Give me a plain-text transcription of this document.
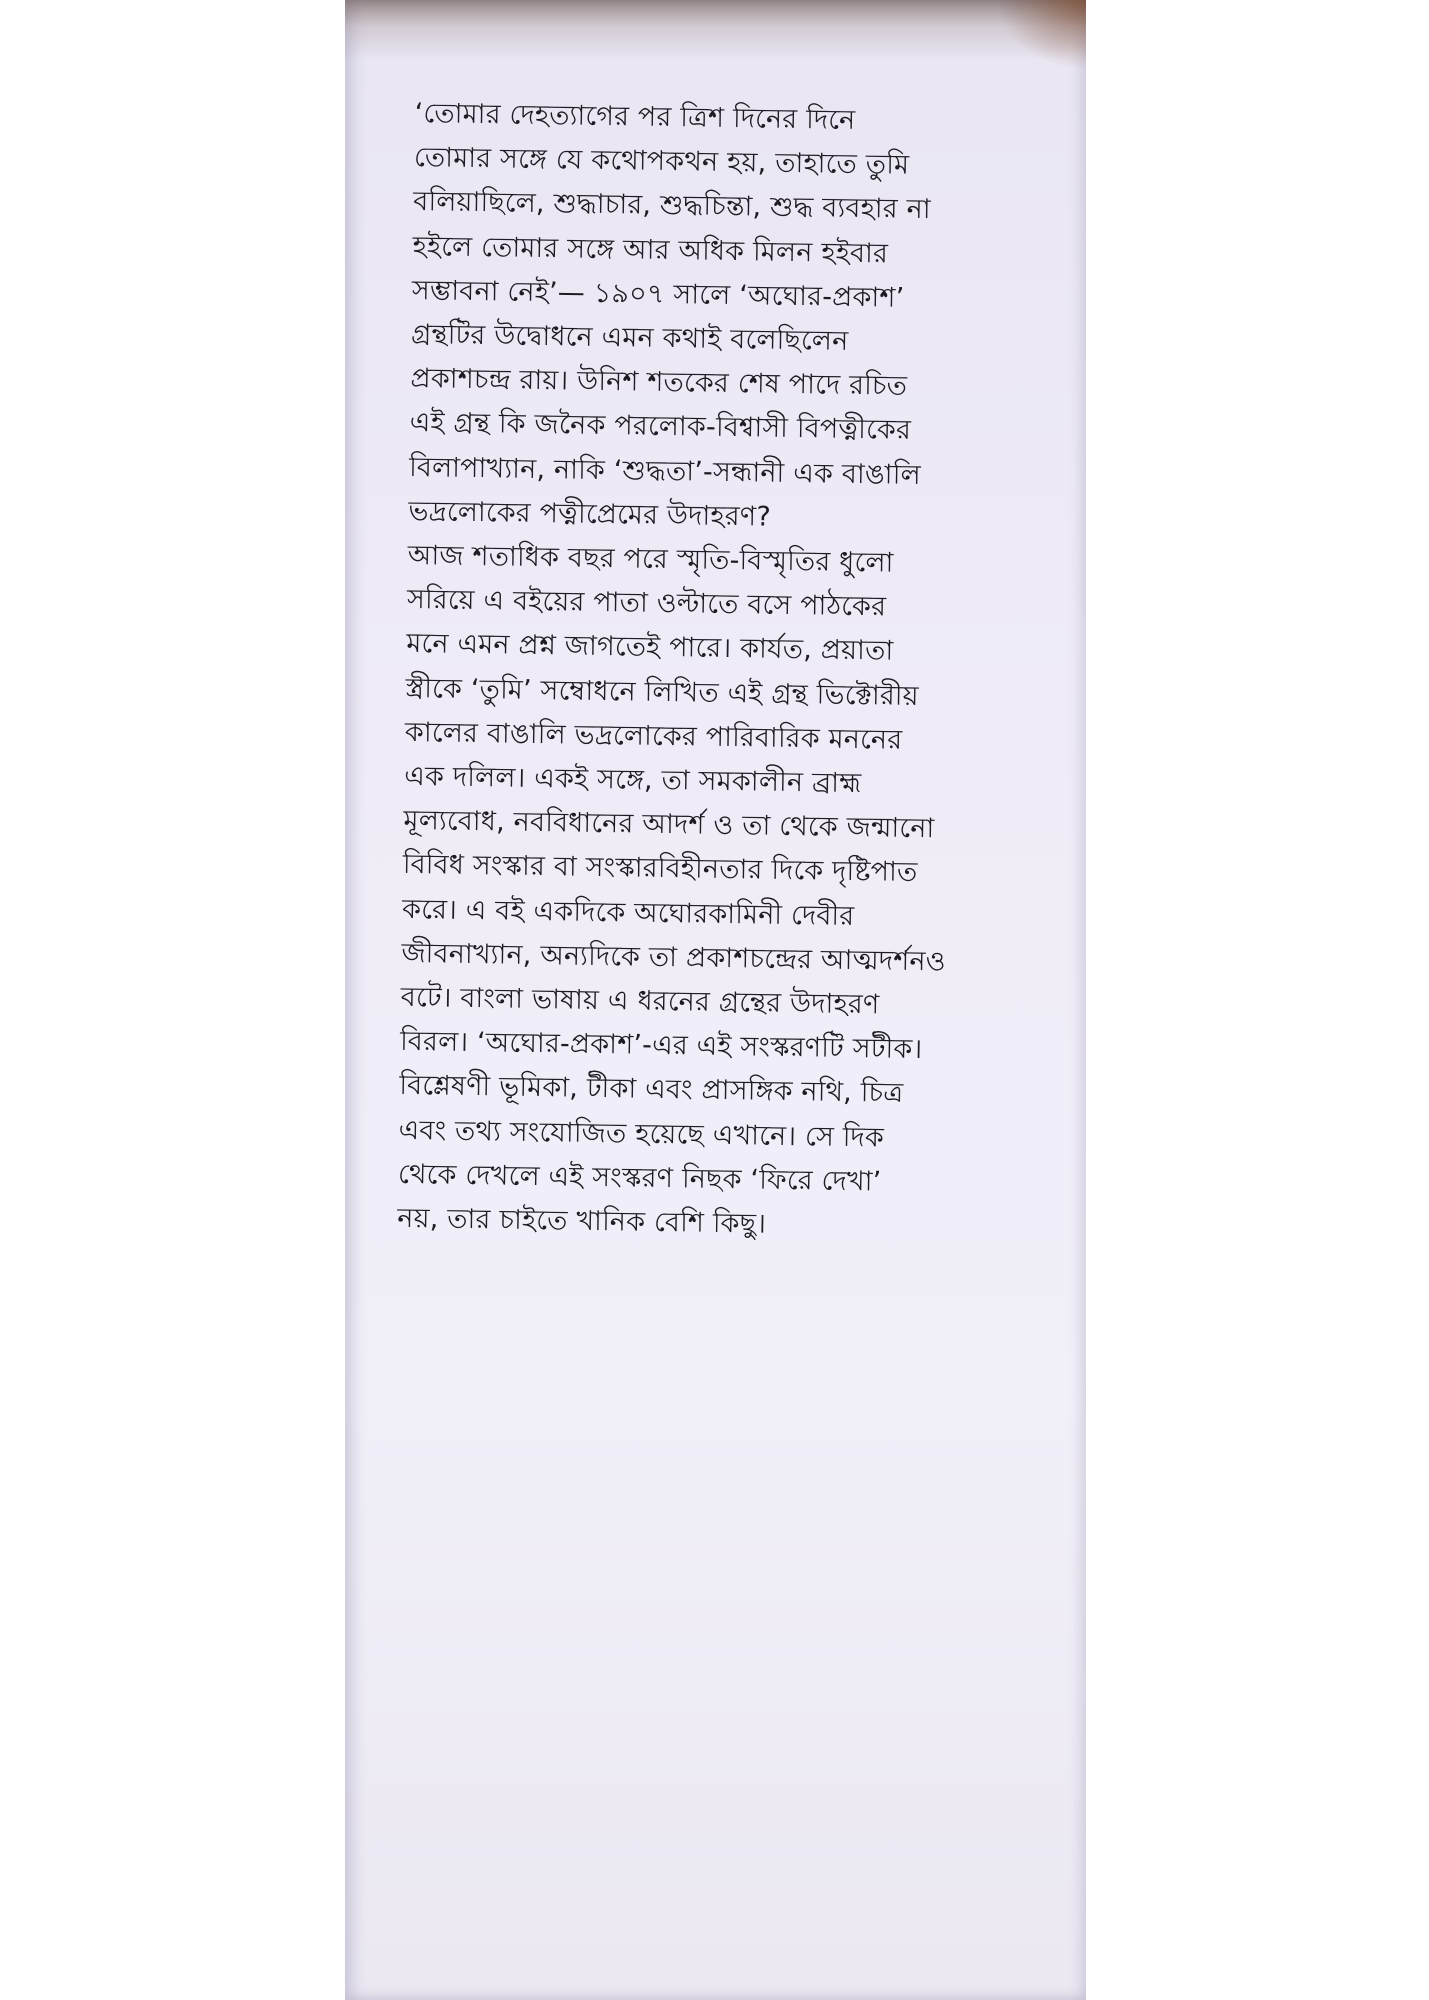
‘তোমার দেহত্যাগের পর ত্রিশ দিনের দিনে
তোমার সঙ্গে যে কথোপকথন হয়, তাহাতে তুমি
বলিয়াছিলে, শুদ্ধাচার, শুদ্ধচিন্তা, শুদ্ধ ব্যবহার না
হইলে তোমার সঙ্গে আর অধিক মিলন হইবার
সম্ভাবনা নেই’— ১৯০৭ সালে ‘অঘোর-প্রকাশ’
গ্রন্থটির উদ্বোধনে এমন কথাই বলেছিলেন
প্রকাশচন্দ্র রায়। উনিশ শতকের শেষ পাদে রচিত
এই গ্রন্থ কি জনৈক পরলোক-বিশ্বাসী বিপত্নীকের
বিলাপাখ্যান, নাকি ‘শুদ্ধতা’-সন্ধানী এক বাঙালি
ভদ্রলোকের পত্নীপ্রেমের উদাহরণ?
আজ শতাধিক বছর পরে স্মৃতি-বিস্মৃতির ধুলো
সরিয়ে এ বইয়ের পাতা ওল্টাতে বসে পাঠকের
মনে এমন প্রশ্ন জাগতেই পারে। কার্যত, প্রয়াতা
স্ত্রীকে ‘তুমি’ সম্বোধনে লিখিত এই গ্রন্থ ভিক্টোরীয়
কালের বাঙালি ভদ্রলোকের পারিবারিক মননের
এক দলিল। একই সঙ্গে, তা সমকালীন ব্রাহ্ম
মূল্যবোধ, নববিধানের আদর্শ ও তা থেকে জন্মানো
বিবিধ সংস্কার বা সংস্কারবিহীনতার দিকে দৃষ্টিপাত
করে। এ বই একদিকে অঘোরকামিনী দেবীর
জীবনাখ্যান, অন্যদিকে তা প্রকাশচন্দ্রের আত্মদর্শনও
বটে। বাংলা ভাষায় এ ধরনের গ্রন্থের উদাহরণ
বিরল। ‘অঘোর-প্রকাশ’-এর এই সংস্করণটি সটীক।
বিশ্লেষণী ভূমিকা, টীকা এবং প্রাসঙ্গিক নথি, চিত্র
এবং তথ্য সংযোজিত হয়েছে এখানে। সে দিক
থেকে দেখলে এই সংস্করণ নিছক ‘ফিরে দেখা’
নয়, তার চাইতে খানিক বেশি কিছু।
